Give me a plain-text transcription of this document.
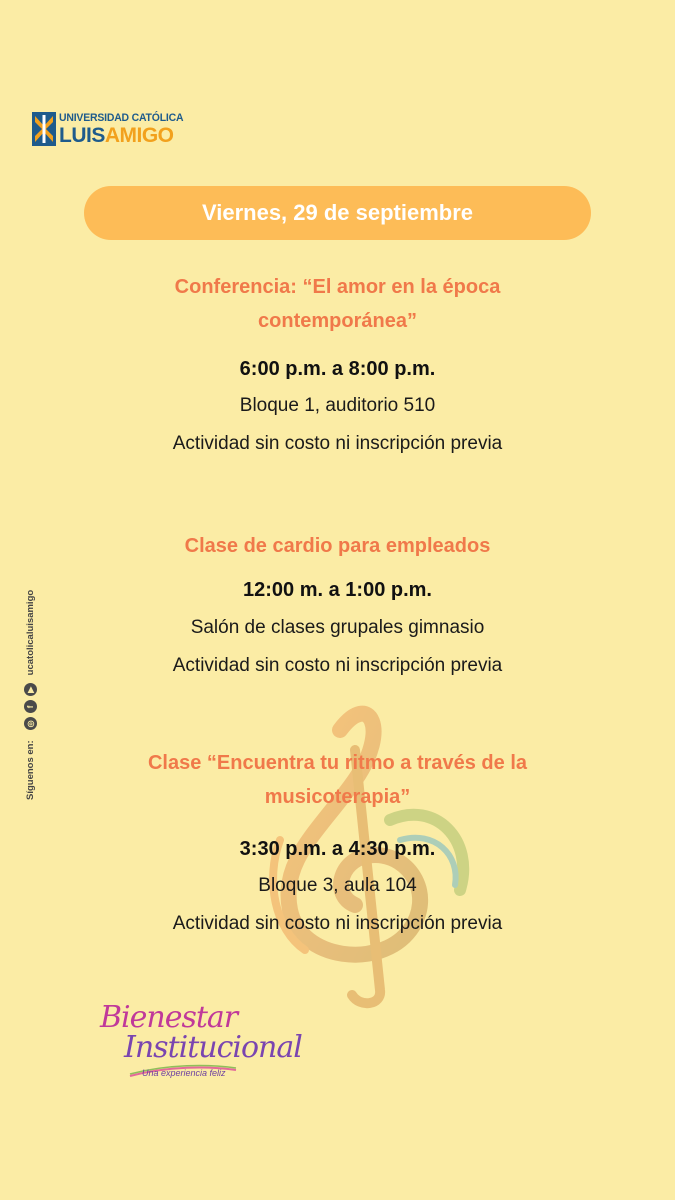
UNIVERSIDAD CATÓLICA
LUISAMIGO
Viernes, 29 de septiembre
Conferencia: “El amor en la época
contemporánea”
6:00 p.m. a 8:00 p.m.
Bloque 1, auditorio 510
Actividad sin costo ni inscripción previa
Clase de cardio para empleados
12:00 m. a 1:00 p.m.
Salón de clases grupales gimnasio
Actividad sin costo ni inscripción previa
Clase “Encuentra tu ritmo a través de la
musicoterapia”
3:30 p.m. a 4:30 p.m.
Bloque 3, aula 104
Actividad sin costo ni inscripción previa
Síguenos en:
◎
f
▶
ucatolicaluisamigo
Bienestar
Institucional
Una experiencia feliz
